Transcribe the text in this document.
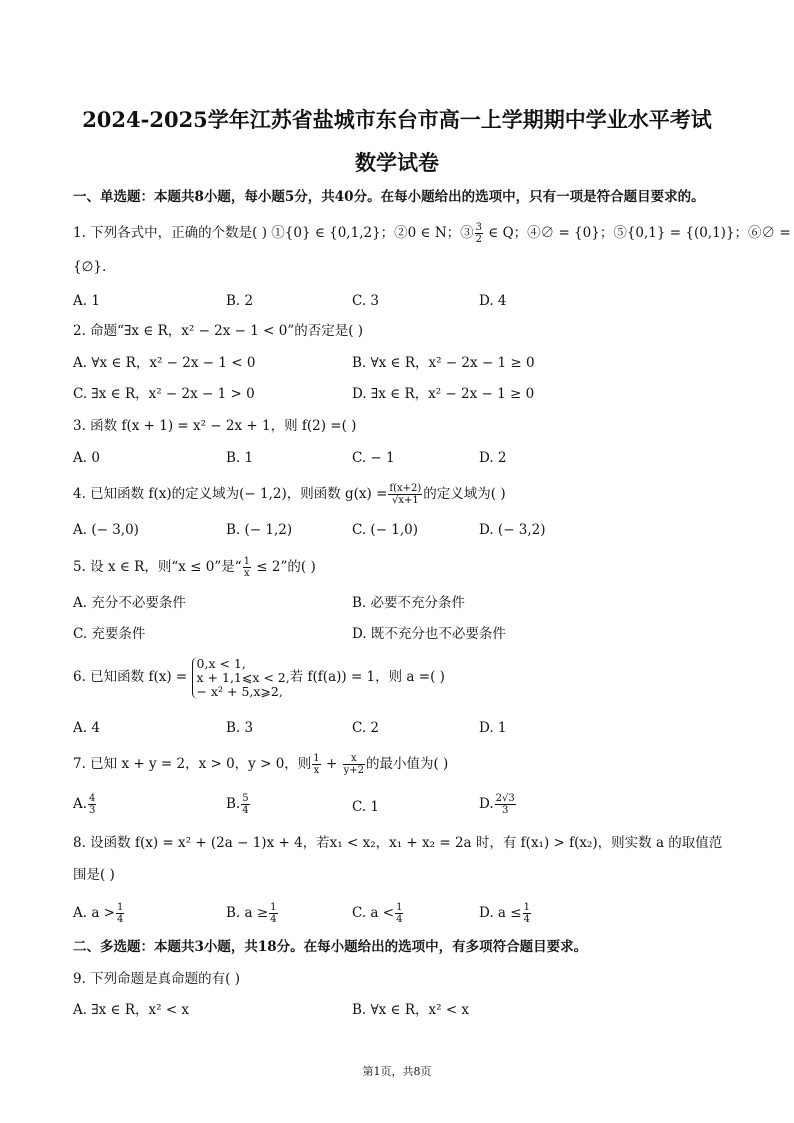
2024-2025学年江苏省盐城市东台市高一上学期期中学业水平考试
数学试卷
一、单选题：本题共8小题，每小题5分，共40分。在每小题给出的选项中，只有一项是符合题目要求的。
1. 下列各式中，正确的个数是( ) ①{0} ∈ {0,1,2}；②0 ∈ N；③ $\frac{3}{2}$ ∈ Q；④∅ = {0}；⑤{0,1} = {(0,1)}；⑥∅ =
{∅}.
A. 1	B. 2	C. 3	D. 4
2. 命题“∃x ∈ R，x² − 2x − 1 < 0”的否定是( )
A. ∀x ∈ R，x² − 2x − 1 < 0	B. ∀x ∈ R，x² − 2x − 1 ≥ 0
C. ∃x ∈ R，x² − 2x − 1 > 0	D. ∃x ∈ R，x² − 2x − 1 ≥ 0
3. 函数 f(x + 1) = x² − 2x + 1，则 f(2) =( )
A. 0	B. 1	C. − 1	D. 2
4. 已知函数 f(x)的定义域为(− 1,2)，则函数 $g(x) = \frac{f(x+2)}{√x+1}$ 的定义域为( )
A. (− 3,0)	B. (− 1,2)	C. (− 1,0)	D. (− 3,2)
5. 设 x ∈ R，则“x ≤ 0”是“ $\frac{1}{x} \le 2$”的( )
A. 充分不必要条件	B. 必要不充分条件
C. 充要条件	D. 既不充分也不必要条件
6. 已知函数 f(x) =
0,x < 1,
x + 1,1⩽x < 2,
− x² + 5,x⩾2,
若 f(f(a)) = 1，则 a =( )
A. 4	B. 3	C. 2	D. 1
7. 已知 x + y = 2，x > 0，y > 0，则 $\frac{1}{x} + \frac{x}{y+2}$ 的最小值为( )
A. $\frac{4}{3}$	B. $\frac{5}{4}$	C. 1	D. $\frac{2√3}{3}$
8. 设函数 f(x) = x² + (2a − 1)x + 4，若x₁ < x₂，x₁ + x₂ = 2a 时，有 f(x₁) > f(x₂)，则实数 a 的取值范
围是( )
A. $a > \frac{1}{4}$	B. $a \ge \frac{1}{4}$	C. $a < \frac{1}{4}$	D. $a \le \frac{1}{4}$
二、多选题：本题共3小题，共18分。在每小题给出的选项中，有多项符合题目要求。
9. 下列命题是真命题的有( )
A. ∃x ∈ R，x² < x	B. ∀x ∈ R，x² < x
第1页，共8页
